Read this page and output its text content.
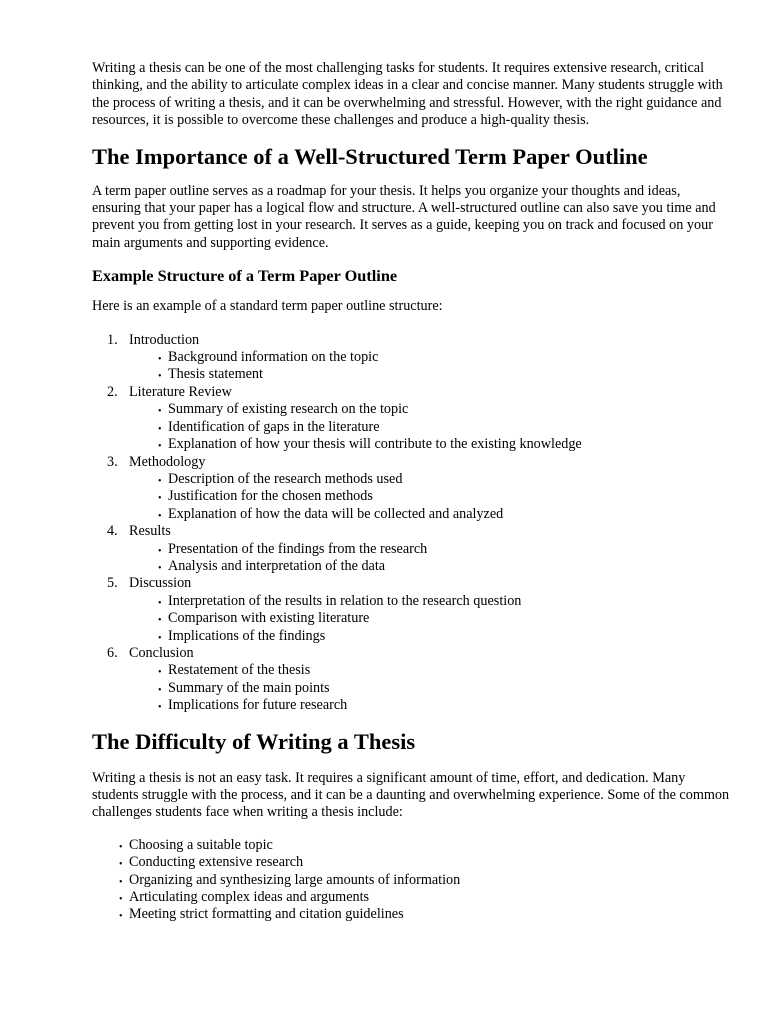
Writing a thesis can be one of the most challenging tasks for students. It requires extensive research, critical thinking, and the ability to articulate complex ideas in a clear and concise manner. Many students struggle with the process of writing a thesis, and it can be overwhelming and stressful. However, with the right guidance and resources, it is possible to overcome these challenges and produce a high-quality thesis.

The Importance of a Well-Structured Term Paper Outline

A term paper outline serves as a roadmap for your thesis. It helps you organize your thoughts and ideas, ensuring that your paper has a logical flow and structure. A well-structured outline can also save you time and prevent you from getting lost in your research. It serves as a guide, keeping you on track and focused on your main arguments and supporting evidence.

Example Structure of a Term Paper Outline

Here is an example of a standard term paper outline structure:

1. Introduction
• Background information on the topic
• Thesis statement
2. Literature Review
• Summary of existing research on the topic
• Identification of gaps in the literature
• Explanation of how your thesis will contribute to the existing knowledge
3. Methodology
• Description of the research methods used
• Justification for the chosen methods
• Explanation of how the data will be collected and analyzed
4. Results
• Presentation of the findings from the research
• Analysis and interpretation of the data
5. Discussion
• Interpretation of the results in relation to the research question
• Comparison with existing literature
• Implications of the findings
6. Conclusion
• Restatement of the thesis
• Summary of the main points
• Implications for future research
The Difficulty of Writing a Thesis

Writing a thesis is not an easy task. It requires a significant amount of time, effort, and dedication. Many students struggle with the process, and it can be a daunting and overwhelming experience. Some of the common challenges students face when writing a thesis include:

• Choosing a suitable topic
• Conducting extensive research
• Organizing and synthesizing large amounts of information
• Articulating complex ideas and arguments
• Meeting strict formatting and citation guidelines
